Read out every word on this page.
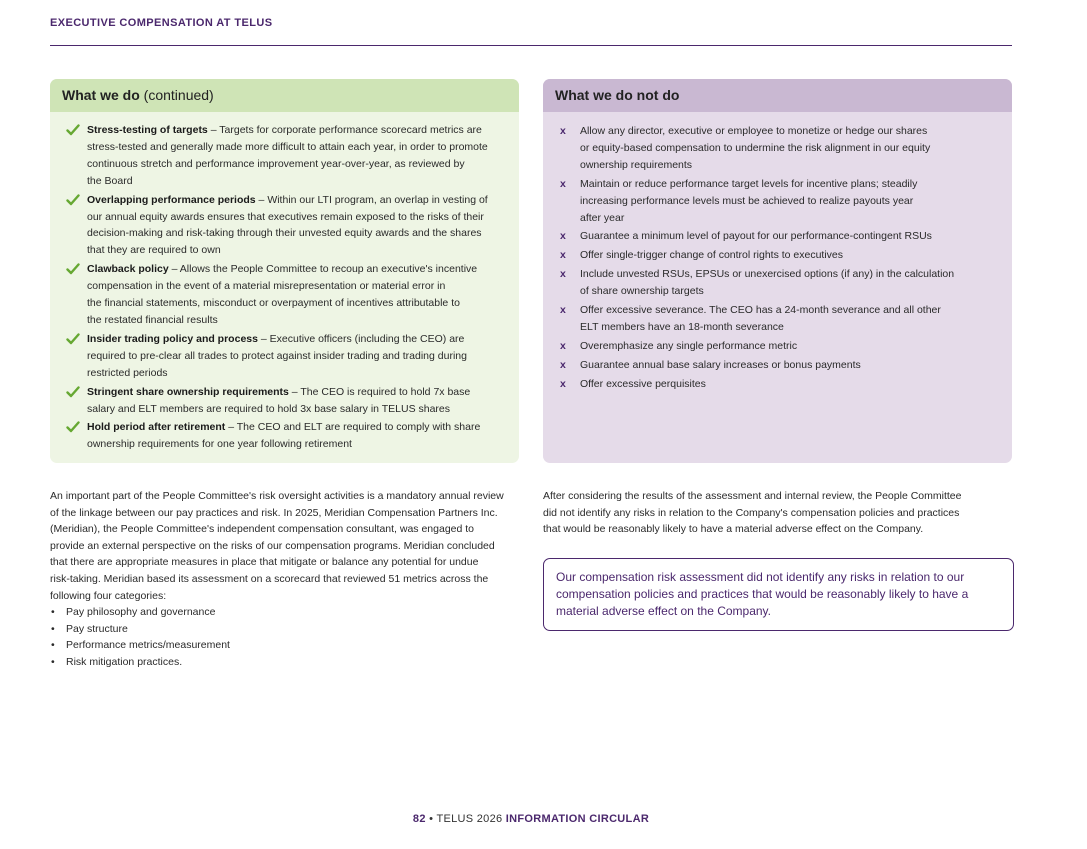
EXECUTIVE COMPENSATION AT TELUS
What we do (continued)
Stress-testing of targets – Targets for corporate performance scorecard metrics are
stress-tested and generally made more difficult to attain each year, in order to promote
continuous stretch and performance improvement year-over-year, as reviewed by
the Board
Overlapping performance periods – Within our LTI program, an overlap in vesting of
our annual equity awards ensures that executives remain exposed to the risks of their
decision-making and risk-taking through their unvested equity awards and the shares
that they are required to own
Clawback policy – Allows the People Committee to recoup an executive's incentive
compensation in the event of a material misrepresentation or material error in
the financial statements, misconduct or overpayment of incentives attributable to
the restated financial results
Insider trading policy and process – Executive officers (including the CEO) are
required to pre-clear all trades to protect against insider trading and trading during
restricted periods
Stringent share ownership requirements – The CEO is required to hold 7x base
salary and ELT members are required to hold 3x base salary in TELUS shares
Hold period after retirement – The CEO and ELT are required to comply with share
ownership requirements for one year following retirement
What we do not do
x Allow any director, executive or employee to monetize or hedge our shares
or equity-based compensation to undermine the risk alignment in our equity
ownership requirements
x Maintain or reduce performance target levels for incentive plans; steadily
increasing performance levels must be achieved to realize payouts year
after year
x Guarantee a minimum level of payout for our performance-contingent RSUs
x Offer single-trigger change of control rights to executives
x Include unvested RSUs, EPSUs or unexercised options (if any) in the calculation
of share ownership targets
x Offer excessive severance. The CEO has a 24-month severance and all other
ELT members have an 18-month severance
x Overemphasize any single performance metric
x Guarantee annual base salary increases or bonus payments
x Offer excessive perquisites

An important part of the People Committee's risk oversight activities is a mandatory annual review
of the linkage between our pay practices and risk. In 2025, Meridian Compensation Partners Inc.
(Meridian), the People Committee's independent compensation consultant, was engaged to
provide an external perspective on the risks of our compensation programs. Meridian concluded
that there are appropriate measures in place that mitigate or balance any potential for undue
risk-taking. Meridian based its assessment on a scorecard that reviewed 51 metrics across the
following four categories:

• Pay philosophy and governance
• Pay structure
• Performance metrics/measurement
• Risk mitigation practices.
After considering the results of the assessment and internal review, the People Committee
did not identify any risks in relation to the Company's compensation policies and practices
that would be reasonably likely to have a material adverse effect on the Company.
Our compensation risk assessment did not identify any risks in relation to our
compensation policies and practices that would be reasonably likely to have a
material adverse effect on the Company.
82 • TELUS 2026 INFORMATION CIRCULAR
